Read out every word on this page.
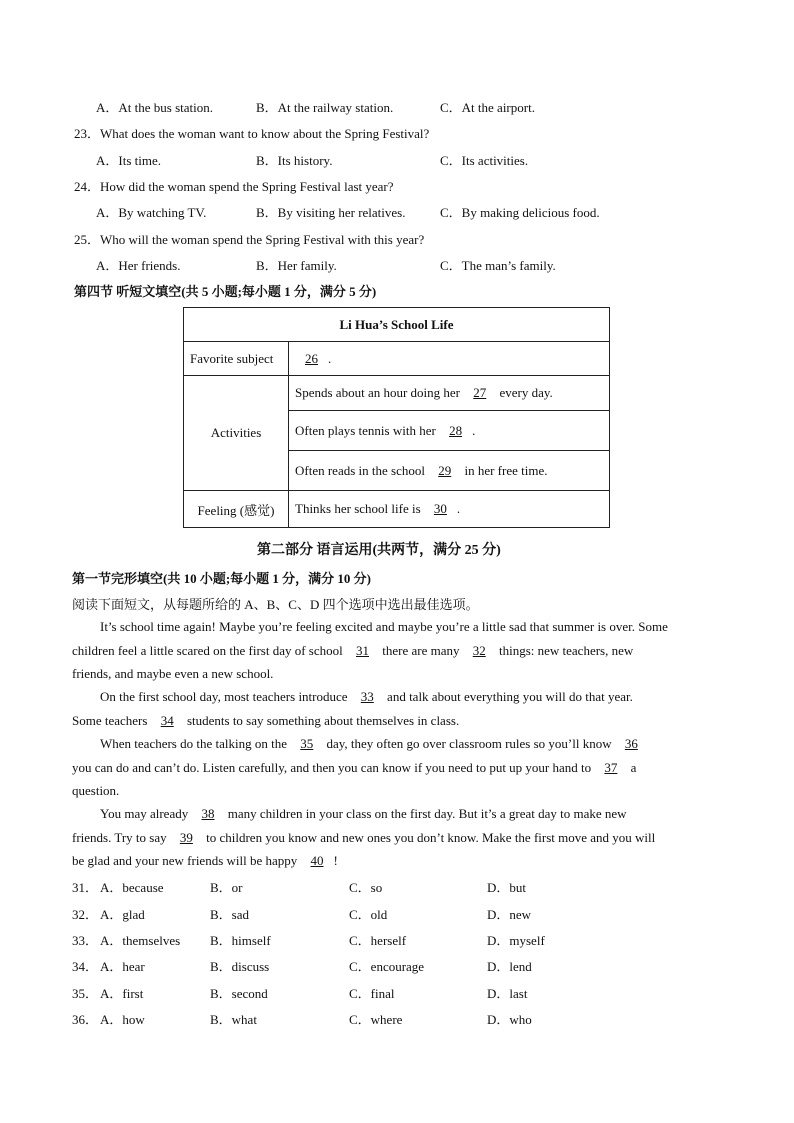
A．At the bus station.	B．At the railway station.	C．At the airport.
23．What does the woman want to know about the Spring Festival?
A．Its time.	B．Its history.	C．Its activities.
24．How did the woman spend the Spring Festival last year?
A．By watching TV.	B．By visiting her relatives.	C．By making delicious food.
25．Who will the woman spend the Spring Festival with this year?
A．Her friends.	B．Her family.	C．The man’s family.
第四节 听短文填空(共 5 小题;每小题 1 分，满分 5 分)
Li Hua’s School Life	
Favorite subject	26 .
Activities	Spends about an hour doing her 27 every day.
	Often plays tennis with her 28 .
	Often reads in the school 29 in her free time.
Feeling (感觉)	Thinks her school life is 30 .
第二部分 语言运用(共两节，满分 25 分)
第一节完形填空(共 10 小题;每小题 1 分，满分 10 分)
阅读下面短文，从每题所给的 A、B、C、D 四个选项中选出最佳选项。
It’s school time again! Maybe you’re feeling excited and maybe you’re a little sad that summer is over. Some
children feel a little scared on the first day of school 31 there are many 32 things: new teachers, new
friends, and maybe even a new school.
On the first school day, most teachers introduce 33 and talk about everything you will do that year.
Some teachers 34 students to say something about themselves in class.
When teachers do the talking on the 35 day, they often go over classroom rules so you’ll know 36
you can do and can’t do. Listen carefully, and then you can know if you need to put up your hand to 37 a
question.
You may already 38 many children in your class on the first day. But it’s a great day to make new
friends. Try to say 39 to children you know and new ones you don’t know. Make the first move and you will
be glad and your new friends will be happy 40 !
31． A．because	B．or	C．so	D．but
32． A．glad	B．sad	C．old	D．new
33． A．themselves B．himself	C．herself	D．myself
34． A．hear	B．discuss	C．encourage	D．lend
35． A．first	B．second	C．final	D．last
36． A．how	B．what	C．where	D．who
